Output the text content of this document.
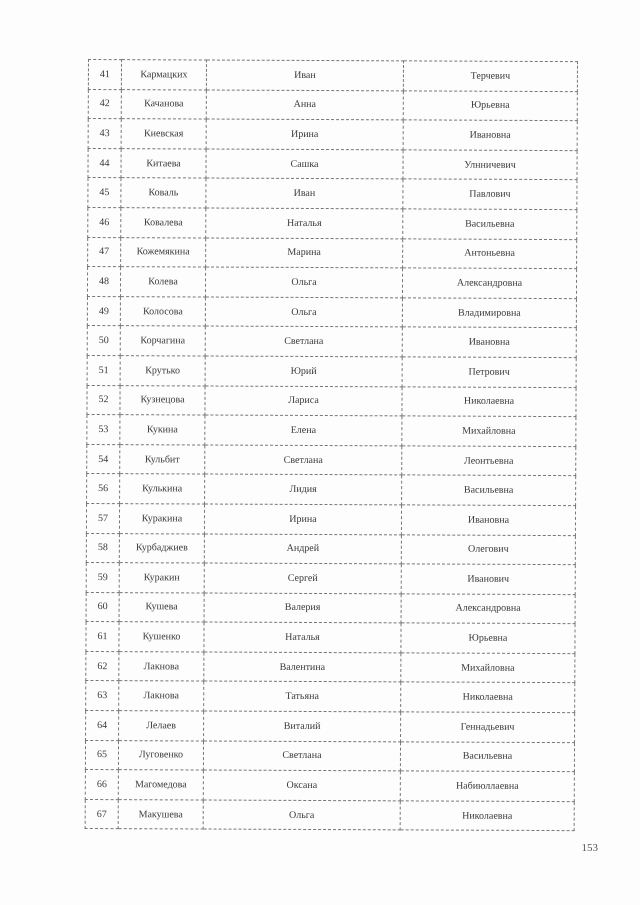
41	Кармацких	Иван	Терчевич
42	Качанова	Анна	Юрьевна
43	Киевская	Ирина	Ивановна
44	Китаева	Сашка	Улнничевич
45	Коваль	Иван	Павлович
46	Ковалева	Наталья	Васильевна
47	Кожемякина	Марина	Антоньевна
48	Колева	Ольга	Александровна
49	Колосова	Ольга	Владимировна
50	Корчагина	Светлана	Ивановна
51	Крутько	Юрий	Петрович
52	Кузнецова	Лариса	Николаевна
53	Кукина	Елена	Михайловна
54	Кульбит	Светлана	Леонтьевна
56	Кулькина	Лидия	Васильевна
57	Куракина	Ирина	Ивановна
58	Курбаджиев	Андрей	Олегович
59	Куракин	Сергей	Иванович
60	Кушева	Валерия	Александровна
61	Кушенко	Наталья	Юрьевна
62	Лакнова	Валентина	Михайловна
63	Лакнова	Татьяна	Николаевна
64	Лелаев	Виталий	Геннадьевич
65	Луговенко	Светлана	Васильевна
66	Магомедова	Оксана	Набиюллаевна
67	Макушева	Ольга	Николаевна
153
